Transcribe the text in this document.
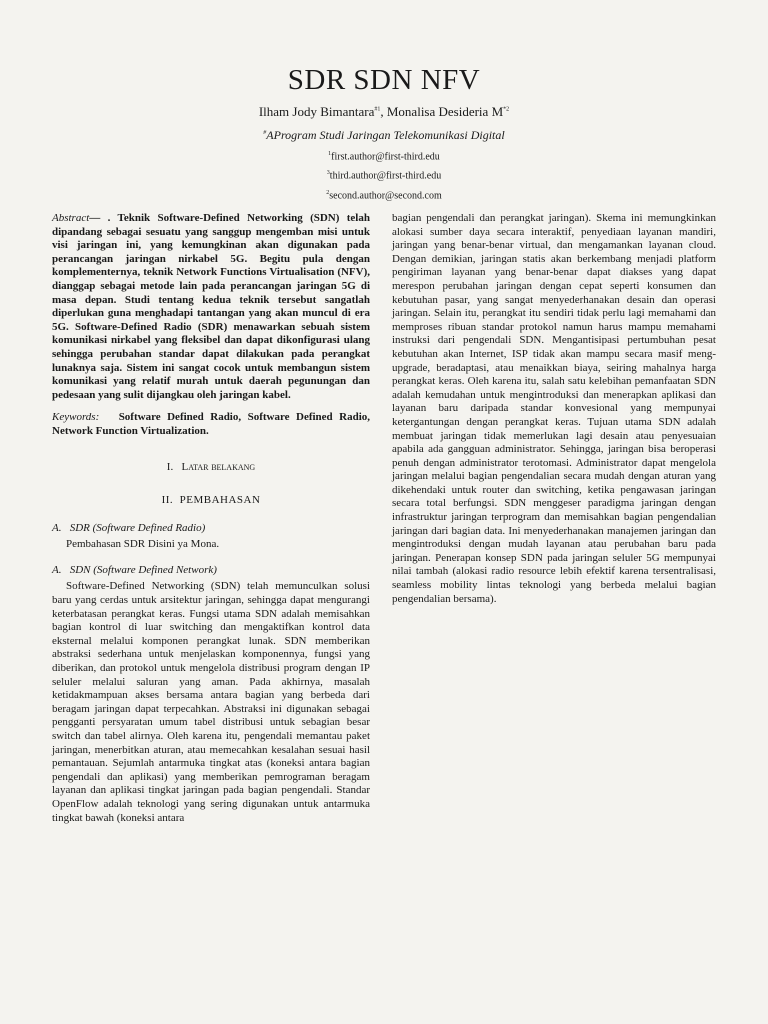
SDR SDN NFV
Ilham Jody Bimantara$^{\#1}$, Monalisa Desideria $M^{*2}$
#AProgram Studi Jaringan Telekomunikasi Digital
$^1$first.author@first-third.edu
$^3$third.author@first-third.edu
$^2$second.author@second.com

Abstract— . Teknik Software-Defined Networking (SDN) telah dipandang sebagai sesuatu yang sanggup mengemban misi untuk visi jaringan ini, yang kemungkinan akan digunakan pada perancangan jaringan nirkabel 5G. Begitu pula dengan komplementernya, teknik Network Functions Virtualisation (NFV), dianggap sebagai metode lain pada perancangan jaringan 5G di masa depan. Studi tentang kedua teknik tersebut sangatlah diperlukan guna menghadapi tantangan yang akan muncul di era 5G. Software-Defined Radio (SDR) menawarkan sebuah sistem komunikasi nirkabel yang fleksibel dan dapat dikonfigurasi ulang sehingga perubahan standar dapat dilakukan pada perangkat lunaknya saja. Sistem ini sangat cocok untuk membangun sistem komunikasi yang relatif murah untuk daerah pegunungan dan pedesaan yang sulit dijangkau oleh jaringan kabel.

Keywords: Software Defined Radio, Software Defined Radio, Network Function Virtualization.

I. Latar belakang
II. PEMBAHASAN
A. SDR (Software Defined Radio)

Pembahasan SDR Disini ya Mona.

A. SDN (Software Defined Network)

Software-Defined Networking (SDN) telah memunculkan solusi baru yang cerdas untuk arsitektur jaringan, sehingga dapat mengurangi keterbatasan perangkat keras. Fungsi utama SDN adalah memisahkan bagian kontrol di luar switching dan mengaktifkan kontrol data eksternal melalui komponen perangkat lunak. SDN memberikan abstraksi sederhana untuk menjelaskan komponennya, fungsi yang diberikan, dan protokol untuk mengelola distribusi program dengan IP seluler melalui saluran yang aman. Pada akhirnya, masalah ketidakmampuan akses bersama antara bagian yang berbeda dari beragam jaringan dapat terpecahkan. Abstraksi ini digunakan sebagai pengganti persyaratan umum tabel distribusi untuk sebagian besar switch dan tabel alirnya. Oleh karena itu, pengendali memantau paket jaringan, menerbitkan aturan, atau memecahkan kesalahan sesuai hasil pemantauan. Sejumlah antarmuka tingkat atas (koneksi antara bagian pengendali dan aplikasi) yang memberikan pemrograman beragam layanan dan aplikasi tingkat jaringan pada bagian pengendali. Standar OpenFlow adalah teknologi yang sering digunakan untuk antarmuka tingkat bawah (koneksi antara

bagian pengendali dan perangkat jaringan). Skema ini memungkinkan alokasi sumber daya secara interaktif, penyediaan layanan mandiri, jaringan yang benar-benar virtual, dan mengamankan layanan cloud. Dengan demikian, jaringan statis akan berkembang menjadi platform pengiriman layanan yang benar-benar dapat diakses yang dapat merespon perubahan jaringan dengan cepat seperti konsumen dan kebutuhan pasar, yang sangat menyederhanakan desain dan operasi jaringan. Selain itu, perangkat itu sendiri tidak perlu lagi memahami dan memproses ribuan standar protokol namun harus mampu memahami instruksi dari pengendali SDN. Mengantisipasi pertumbuhan pesat kebutuhan akan Internet, ISP tidak akan mampu secara masif meng-upgrade, beradaptasi, atau menaikkan biaya, seiring mahalnya harga perangkat keras. Oleh karena itu, salah satu kelebihan pemanfaatan SDN adalah kemudahan untuk mengintroduksi dan menerapkan aplikasi dan layanan baru daripada standar konvesional yang mempunyai ketergantungan dengan perangkat keras. Tujuan utama SDN adalah membuat jaringan tidak memerlukan lagi desain atau penyesuaian apabila ada gangguan administrator. Sehingga, jaringan bisa beroperasi penuh dengan administrator terotomasi. Administrator dapat mengelola jaringan melalui bagian pengendalian secara mudah dengan aturan yang dikehendaki untuk router dan switching, ketika pengawasan jaringan secara total berfungsi. SDN menggeser paradigma jaringan dengan infrastruktur jaringan terprogram dan memisahkan bagian pengendalian jaringan dari bagian data. Ini menyederhanakan manajemen jaringan dan mengintroduksi dengan mudah layanan atau perubahan baru pada jaringan. Penerapan konsep SDN pada jaringan seluler 5G mempunyai nilai tambah (alokasi radio resource lebih efektif karena tersentralisasi, seamless mobility lintas teknologi yang berbeda melalui bagian pengendalian bersama).
